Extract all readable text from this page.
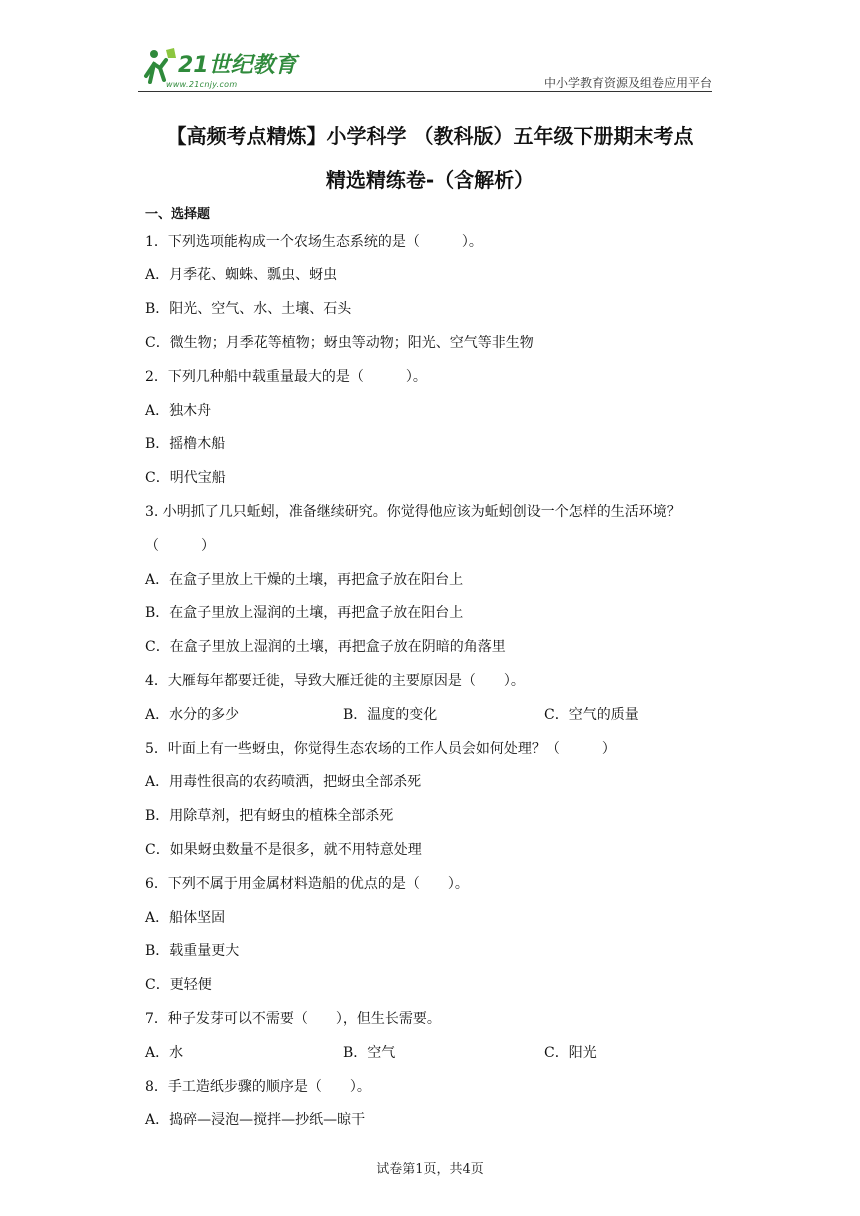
21世纪教育
www.21cnjy.com	中小学教育资源及组卷应用平台
【高频考点精炼】小学科学 （教科版）五年级下册期末考点
精选精练卷-（含解析）
一、选择题
1．下列选项能构成一个农场生态系统的是（　　　）。
A．月季花、蜘蛛、瓢虫、蚜虫
B．阳光、空气、水、土壤、石头
C．微生物；月季花等植物；蚜虫等动物；阳光、空气等非生物
2．下列几种船中载重量最大的是（　　　）。
A．独木舟
B．摇橹木船
C．明代宝船
3. 小明抓了几只蚯蚓，准备继续研究。你觉得他应该为蚯蚓创设一个怎样的生活环境？
（　　　）
A．在盒子里放上干燥的土壤，再把盒子放在阳台上
B．在盒子里放上湿润的土壤，再把盒子放在阳台上
C．在盒子里放上湿润的土壤，再把盒子放在阴暗的角落里
4．大雁每年都要迁徙，导致大雁迁徙的主要原因是（　　）。
A．水分的多少	B．温度的变化	C．空气的质量
5．叶面上有一些蚜虫，你觉得生态农场的工作人员会如何处理？（　　　）
A．用毒性很高的农药喷洒，把蚜虫全部杀死
B．用除草剂，把有蚜虫的植株全部杀死
C．如果蚜虫数量不是很多，就不用特意处理
6．下列不属于用金属材料造船的优点的是（　　）。
A．船体坚固
B．载重量更大
C．更轻便
7．种子发芽可以不需要（　　），但生长需要。
A．水	B．空气	C．阳光
8．手工造纸步骤的顺序是（　　）。
A．捣碎—浸泡—搅拌—抄纸—晾干
试卷第1页，共4页
